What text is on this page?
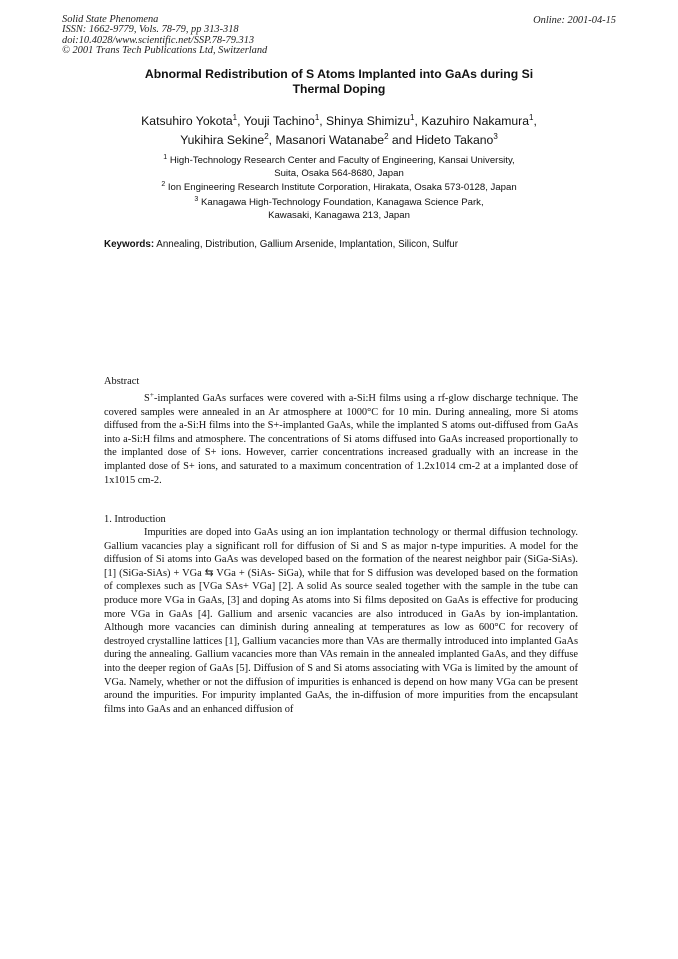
Solid State Phenomena
ISSN: 1662-9779, Vols. 78-79, pp 313-318
doi:10.4028/www.scientific.net/SSP.78-79.313
© 2001 Trans Tech Publications Ltd, Switzerland
Online: 2001-04-15
Abnormal Redistribution of S Atoms Implanted into GaAs during Si
Thermal Doping
Katsuhiro Yokota$^1$, Youji Tachino$^1$, Shinya Shimizu$^1$, Kazuhiro Nakamura$^1$,
Yukihira Sekine$^2$, Masanori Watanabe$^2$ and Hideto Takano$^3$
$^1$ High-Technology Research Center and Faculty of Engineering, Kansai University,
Suita, Osaka 564-8680, Japan
$^2$ Ion Engineering Research Institute Corporation, Hirakata, Osaka 573-0128, Japan
$^3$ Kanagawa High-Technology Foundation, Kanagawa Science Park,
Kawasaki, Kanagawa 213, Japan
Keywords: Annealing, Distribution, Gallium Arsenide, Implantation, Silicon, Sulfur
Abstract
S+-implanted GaAs surfaces were covered with a-Si:H films using a rf-glow discharge technique. The covered samples were annealed in an Ar atmosphere at 1000°C for 10 min. During annealing, more Si atoms diffused from the a-Si:H films into the S+-implanted GaAs, while the implanted S atoms out-diffused from GaAs into a-Si:H films and atmosphere. The concentrations of Si atoms diffused into GaAs increased proportionally to the implanted dose of S+ ions. However, carrier concentrations increased gradually with an increase in the implanted dose of S+ ions, and saturated to a maximum concentration of 1.2x1014 cm-2 at a implanted dose of 1x1015 cm-2.
1. Introduction
Impurities are doped into GaAs using an ion implantation technology or thermal diffusion technology. Gallium vacancies play a significant roll for diffusion of Si and S as major n-type impurities. A model for the diffusion of Si atoms into GaAs was developed based on the formation of the nearest neighbor pair (SiGa-SiAs). [1] (SiGa-SiAs) + VGa ⇆ VGa + (SiAs- SiGa), while that for S diffusion was developed based on the formation of complexes such as [VGa SAs+ VGa] [2]. A solid As source sealed together with the sample in the tube can produce more VGa in GaAs, [3] and doping As atoms into Si films deposited on GaAs is effective for producing more VGa in GaAs [4]. Gallium and arsenic vacancies are also introduced in GaAs by ion-implantation. Although more vacancies can diminish during annealing at temperatures as low as 600°C for recovery of destroyed crystalline lattices [1], Gallium vacancies more than VAs are thermally introduced into implanted GaAs during the annealing. Gallium vacancies more than VAs remain in the annealed implanted GaAs, and they diffuse into the deeper region of GaAs [5]. Diffusion of S and Si atoms associating with VGa is limited by the amount of VGa. Namely, whether or not the diffusion of impurities is enhanced is depend on how many VGa can be present around the impurities. For impurity implanted GaAs, the in-diffusion of more impurities from the encapsulant films into GaAs and an enhanced diffusion of
